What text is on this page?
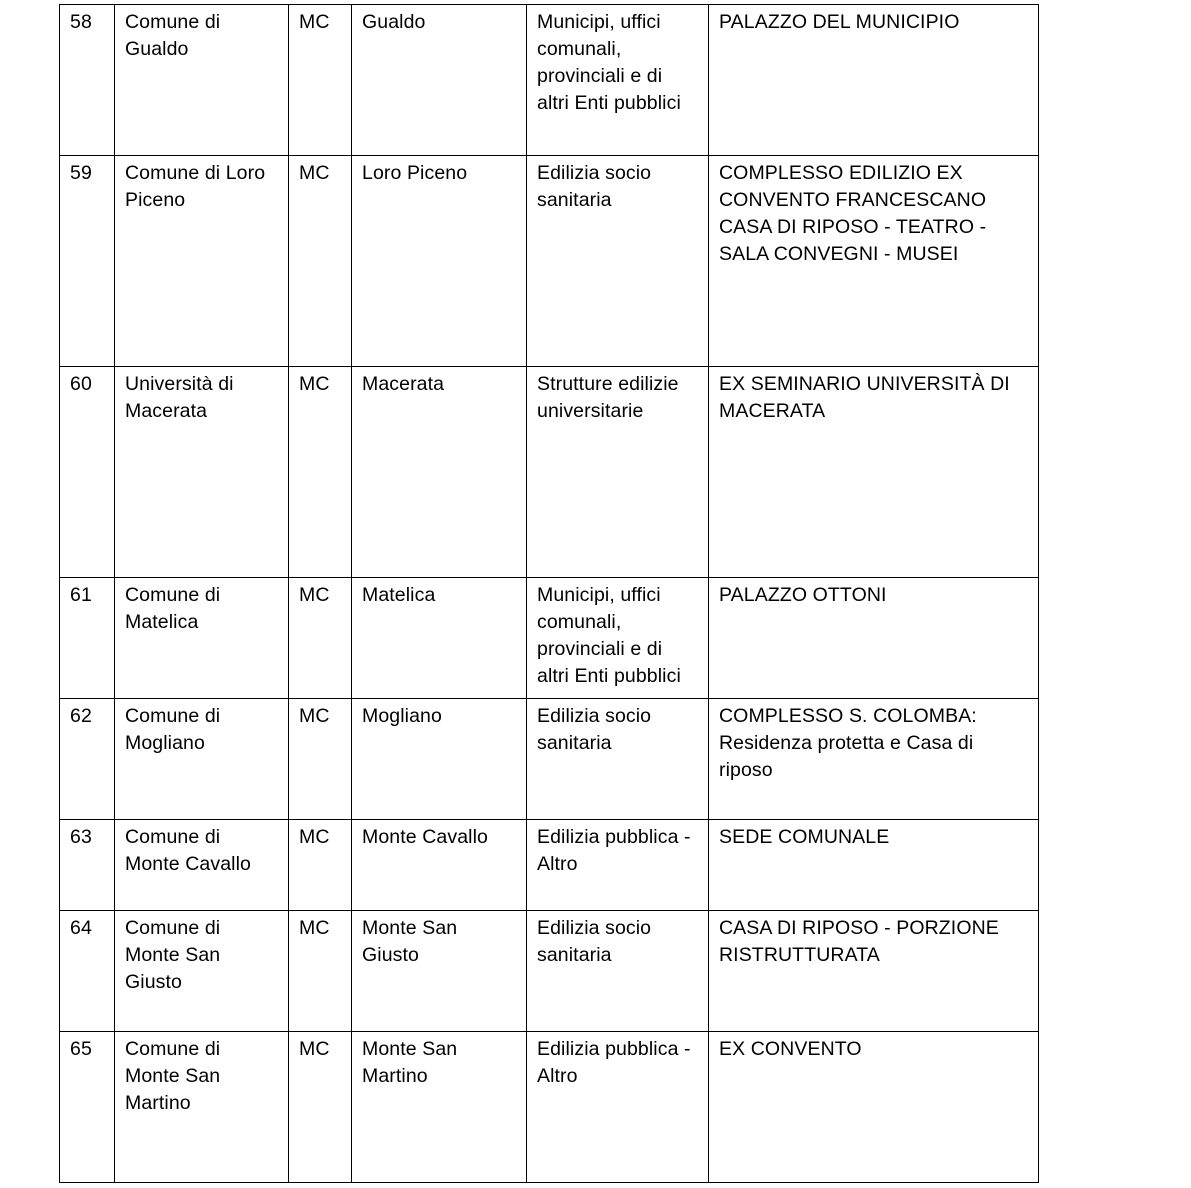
58	Comune di Gualdo	MC	Gualdo	Municipi, uffici comunali, provinciali e di altri Enti pubblici	PALAZZO DEL MUNICIPIO
59	Comune di Loro Piceno	MC	Loro Piceno	Edilizia socio sanitaria	COMPLESSO EDILIZIO EX CONVENTO FRANCESCANO CASA DI RIPOSO - TEATRO - SALA CONVEGNI - MUSEI
60	Università di Macerata	MC	Macerata	Strutture edilizie universitarie	EX SEMINARIO UNIVERSITÀ DI MACERATA
61	Comune di Matelica	MC	Matelica	Municipi, uffici comunali, provinciali e di altri Enti pubblici	PALAZZO OTTONI
62	Comune di Mogliano	MC	Mogliano	Edilizia socio sanitaria	COMPLESSO S. COLOMBA: Residenza protetta e Casa di riposo
63	Comune di Monte Cavallo	MC	Monte Cavallo	Edilizia pubblica - Altro	SEDE COMUNALE
64	Comune di Monte San Giusto	MC	Monte San Giusto	Edilizia socio sanitaria	CASA DI RIPOSO - PORZIONE RISTRUTTURATA
65	Comune di Monte San Martino	MC	Monte San Martino	Edilizia pubblica - Altro	EX CONVENTO
